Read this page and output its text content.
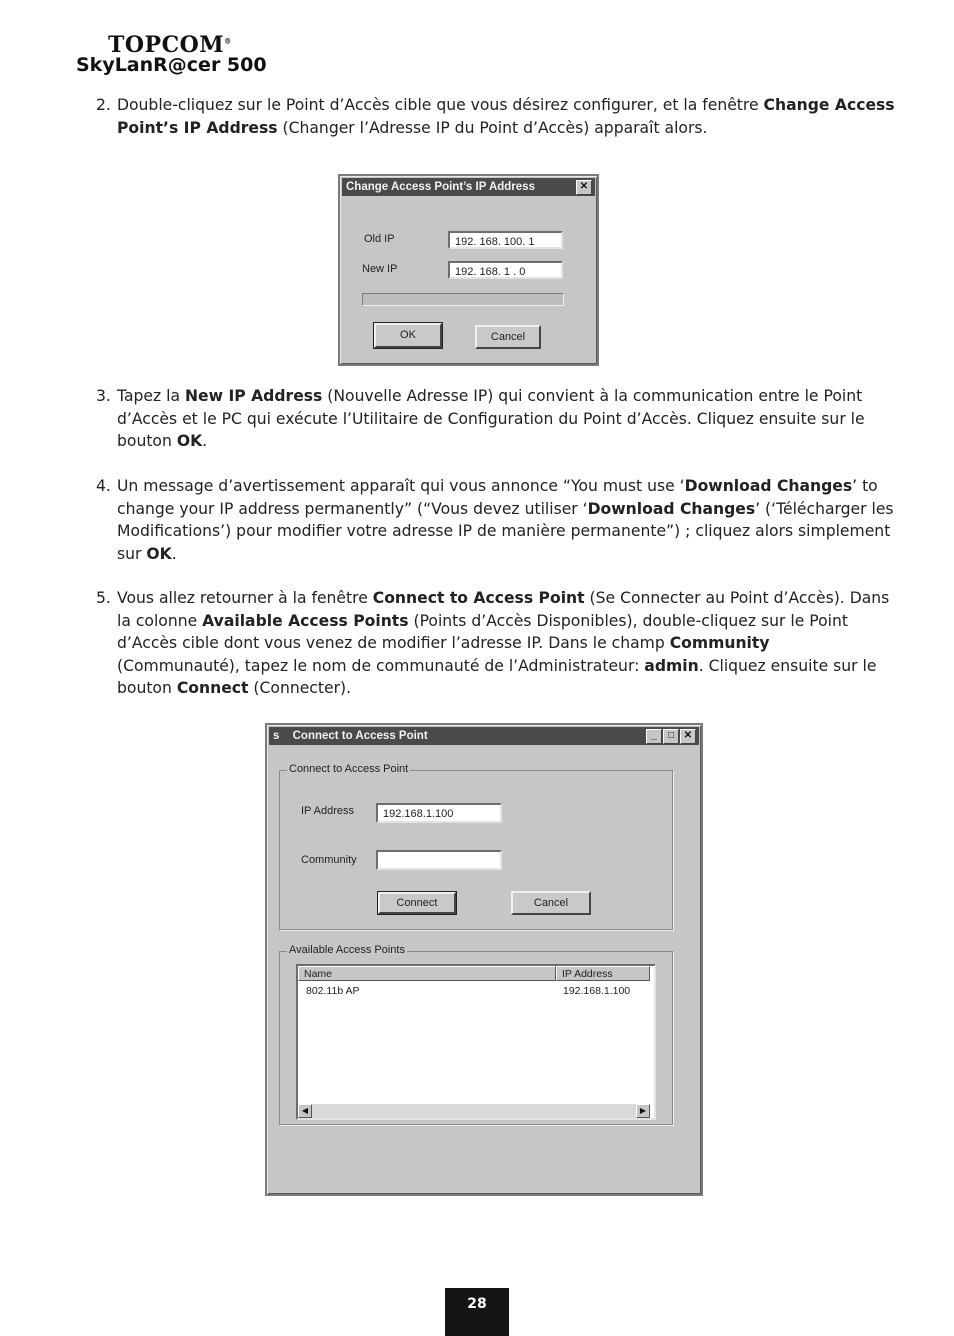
TOPCOM®
SkyLanR@cer 500
2. Double-cliquez sur le Point d’Accès cible que vous désirez configurer, et la fenêtre Change Access Point’s IP Address (Changer l’Adresse IP du Point d’Accès) apparaît alors.
Change Access Point’s IP Address	✕
Old IP	192. 168. 100. 1
New IP	192. 168. 1 . 0
OK	Cancel
3. Tapez la New IP Address (Nouvelle Adresse IP) qui convient à la communication entre le Point d’Accès et le PC qui exécute l’Utilitaire de Configuration du Point d’Accès. Cliquez ensuite sur le bouton OK.
4. Un message d’avertissement apparaît qui vous annonce “You must use ‘Download Changes’ to change your IP address permanently” (“Vous devez utiliser ‘Download Changes’ (‘Télécharger les Modifications’) pour modifier votre adresse IP de manière permanente”) ; cliquez alors simplement sur OK.
5. Vous allez retourner à la fenêtre Connect to Access Point (Se Connecter au Point d’Accès). Dans la colonne Available Access Points (Points d’Accès Disponibles), double-cliquez sur le Point d’Accès cible dont vous venez de modifier l’adresse IP. Dans le champ Community (Communauté), tapez le nom de communauté de l’Administrateur: admin. Cliquez ensuite sur le bouton Connect (Connecter).
s Connect to Access Point	_	□ ✕
Connect to Access Point
IP Address	192.168.1.100
Community
Connect	Cancel
Available Access Points
Name	IP Address
802.11b AP	192.168.1.100
◀	▶
28
